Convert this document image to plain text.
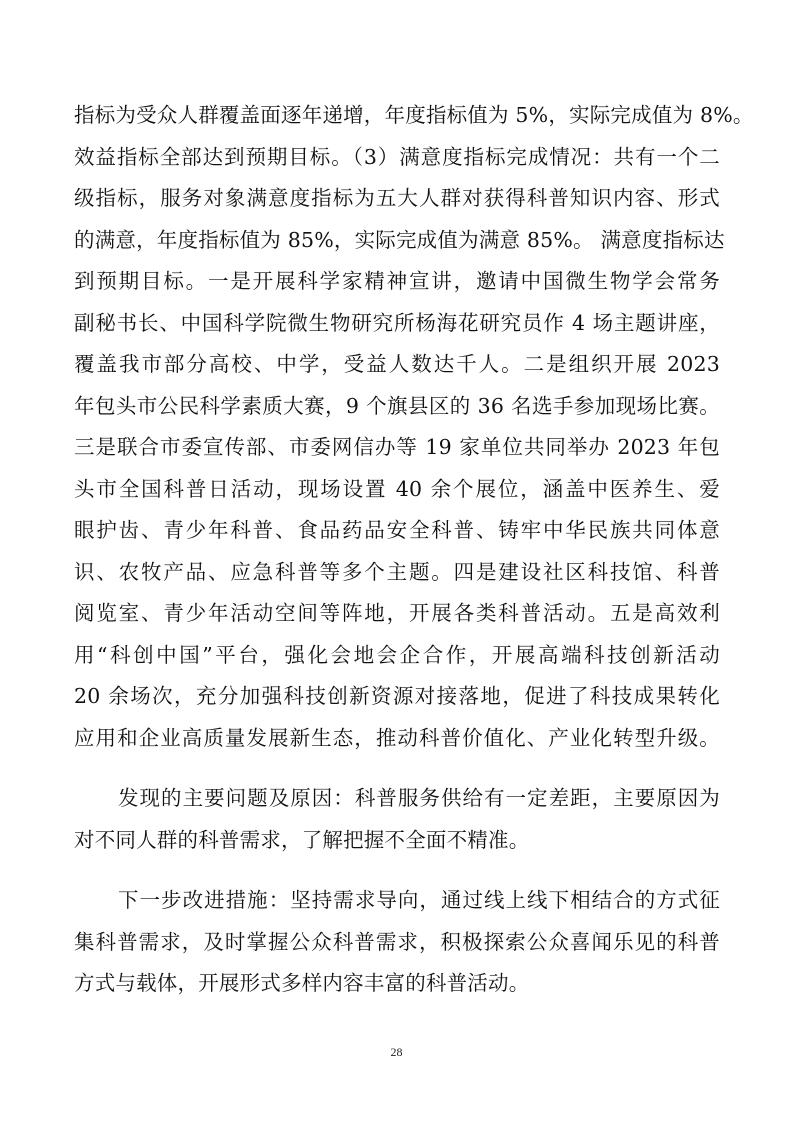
指标为受众人群覆盖面逐年递增，年度指标值为 5%，实际完成值为 8%。
效益指标全部达到预期目标。（3）满意度指标完成情况：共有一个二
级指标，服务对象满意度指标为五大人群对获得科普知识内容、形式
的满意，年度指标值为 85%，实际完成值为满意 85%。 满意度指标达
到预期目标。一是开展科学家精神宣讲，邀请中国微生物学会常务
副秘书长、中国科学院微生物研究所杨海花研究员作 4 场主题讲座，
覆盖我市部分高校、中学，受益人数达千人。二是组织开展 2023
年包头市公民科学素质大赛，9 个旗县区的 36 名选手参加现场比赛。
三是联合市委宣传部、市委网信办等 19 家单位共同举办 2023 年包
头市全国科普日活动，现场设置 40 余个展位，涵盖中医养生、爱
眼护齿、青少年科普、食品药品安全科普、铸牢中华民族共同体意
识、农牧产品、应急科普等多个主题。四是建设社区科技馆、科普
阅览室、青少年活动空间等阵地，开展各类科普活动。五是高效利
用“科创中国”平台，强化会地会企合作，开展高端科技创新活动
20 余场次，充分加强科技创新资源对接落地，促进了科技成果转化
应用和企业高质量发展新生态，推动科普价值化、产业化转型升级。
发现的主要问题及原因：科普服务供给有一定差距，主要原因为
对不同人群的科普需求，了解把握不全面不精准。
下一步改进措施：坚持需求导向，通过线上线下相结合的方式征
集科普需求，及时掌握公众科普需求，积极探索公众喜闻乐见的科普
方式与载体，开展形式多样内容丰富的科普活动。
28
